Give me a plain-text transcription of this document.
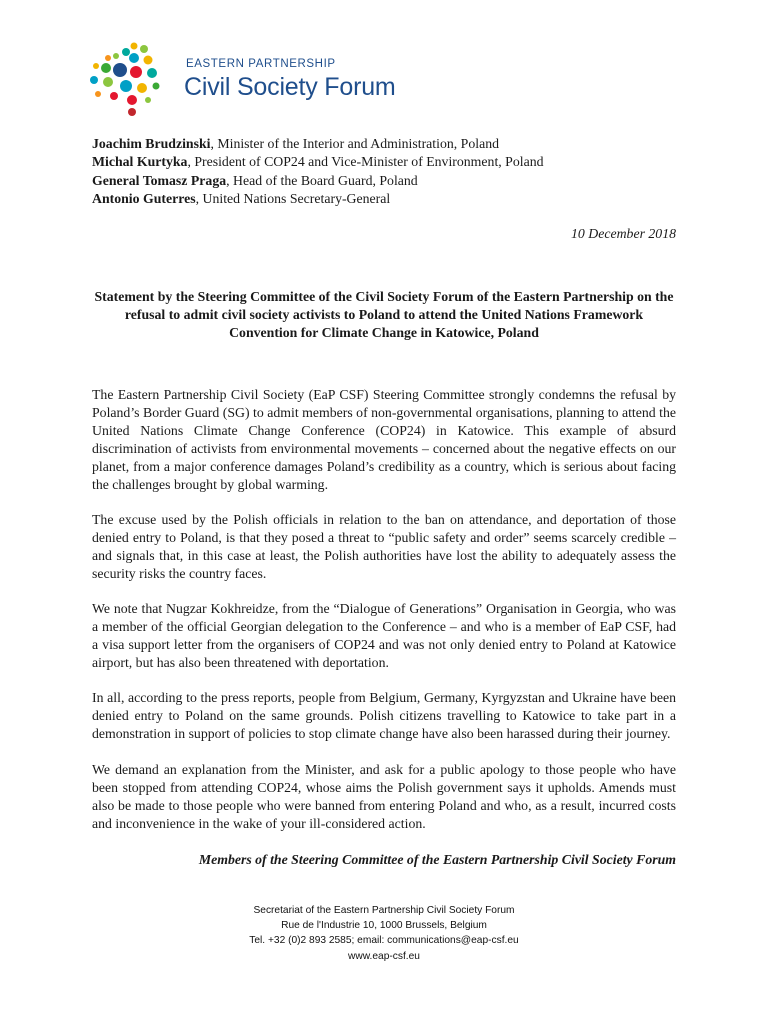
EASTERN PARTNERSHIP
Civil Society Forum
Joachim Brudzinski, Minister of the Interior and Administration, Poland
Michal Kurtyka, President of COP24 and Vice-Minister of Environment, Poland
General Tomasz Praga, Head of the Board Guard, Poland
Antonio Guterres, United Nations Secretary-General
10 December 2018
Statement by the Steering Committee of the Civil Society Forum of the Eastern Partnership on the refusal to admit civil society activists to Poland to attend the United Nations Framework Convention for Climate Change in Katowice, Poland

The Eastern Partnership Civil Society (EaP CSF) Steering Committee strongly condemns the refusal by Poland’s Border Guard (SG) to admit members of non-governmental organisations, planning to attend the United Nations Climate Change Conference (COP24) in Katowice. This example of absurd discrimination of activists from environmental movements – concerned about the negative effects on our planet, from a major conference damages Poland’s credibility as a country, which is serious about facing the challenges brought by global warming.

The excuse used by the Polish officials in relation to the ban on attendance, and deportation of those denied entry to Poland, is that they posed a threat to “public safety and order” seems scarcely credible – and signals that, in this case at least, the Polish authorities have lost the ability to adequately assess the security risks the country faces.

We note that Nugzar Kokhreidze, from the “Dialogue of Generations” Organisation in Georgia, who was a member of the official Georgian delegation to the Conference – and who is a member of EaP CSF, had a visa support letter from the organisers of COP24 and was not only denied entry to Poland at Katowice airport, but has also been threatened with deportation.

In all, according to the press reports, people from Belgium, Germany, Kyrgyzstan and Ukraine have been denied entry to Poland on the same grounds. Polish citizens travelling to Katowice to take part in a demonstration in support of policies to stop climate change have also been harassed during their journey.

We demand an explanation from the Minister, and ask for a public apology to those people who have been stopped from attending COP24, whose aims the Polish government says it upholds. Amends must also be made to those people who were banned from entering Poland and who, as a result, incurred costs and inconvenience in the wake of your ill-considered action.

Members of the Steering Committee of the Eastern Partnership Civil Society Forum
Secretariat of the Eastern Partnership Civil Society Forum
Rue de l'Industrie 10, 1000 Brussels, Belgium
Tel. +32 (0)2 893 2585; email: communications@eap-csf.eu
www.eap-csf.eu
